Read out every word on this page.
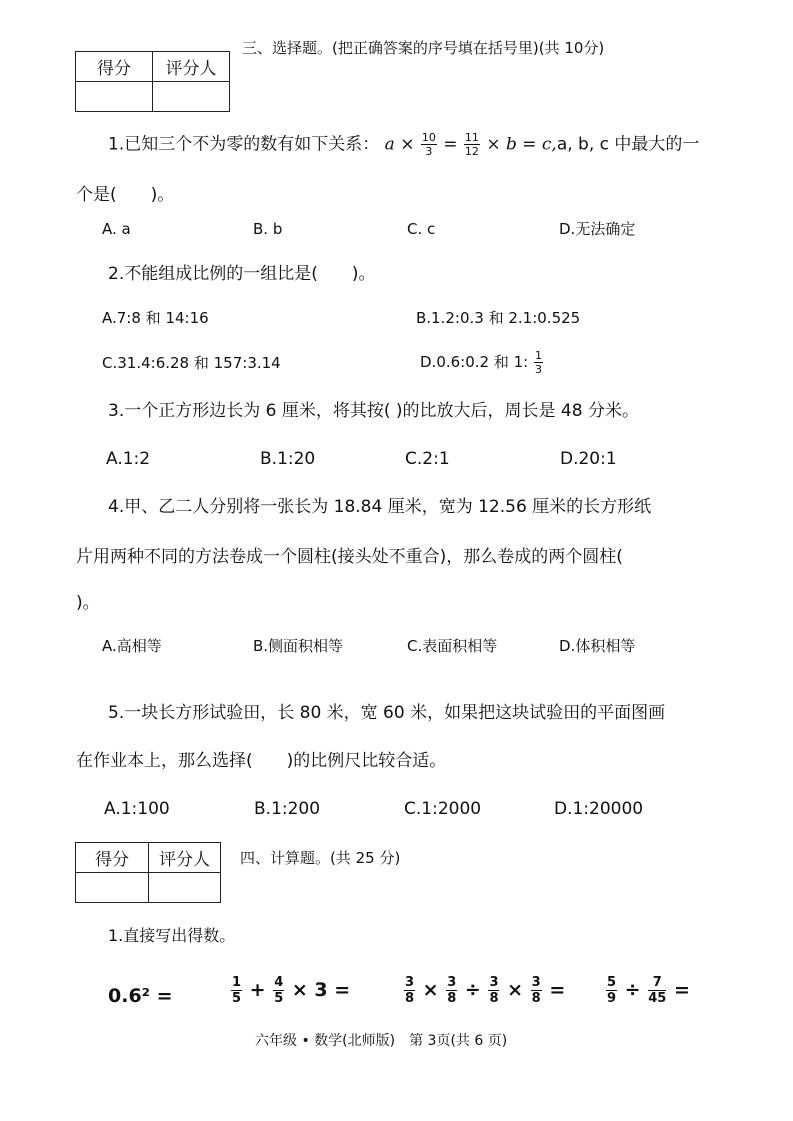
得分	评分人

三、选择题。(把正确答案的序号填在括号里)(共 10分)
1.已知三个不为零的数有如下关系： $a \times \frac{10}{3} = \frac{11}{12} \times b = c,a$, b, c 中最大的一
个是(　　)。
A. a	B. b	C. c	D.无法确定
2.不能组成比例的一组比是(　　)。
A.7:8 和 14:16	B.1.2:0.3 和 2.1:0.525
C.31.4:6.28 和 157:3.14	D.0.6:0.2 和 1: $\frac{1}{3}$
3.一个正方形边长为 6 厘米，将其按( )的比放大后，周长是 48 分米。
A.1:2	B.1:20	C.2:1	D.20:1
4.甲、乙二人分别将一张长为 18.84 厘米，宽为 12.56 厘米的长方形纸
片用两种不同的方法卷成一个圆柱(接头处不重合)，那么卷成的两个圆柱(
)。
A.高相等	B.侧面积相等	C.表面积相等	D.体积相等
5.一块长方形试验田，长 80 米，宽 60 米，如果把这块试验田的平面图画
在作业本上，那么选择(　　)的比例尺比较合适。
A.1:100	B.1:200	C.1:2000	D.1:20000
得分	评分人
	四、计算题。(共 25 分)
1.直接写出得数。
0.6² =	$\frac{1}{5} + \frac{4}{5} \times 3$ =	$\frac{3}{8} \times \frac{3}{8} \div \frac{3}{8} \times \frac{3}{8}$ =	$\frac{5}{9} \div \frac{7}{45}$ =
六年级 • 数学(北师版)　第 3页(共 6 页)
